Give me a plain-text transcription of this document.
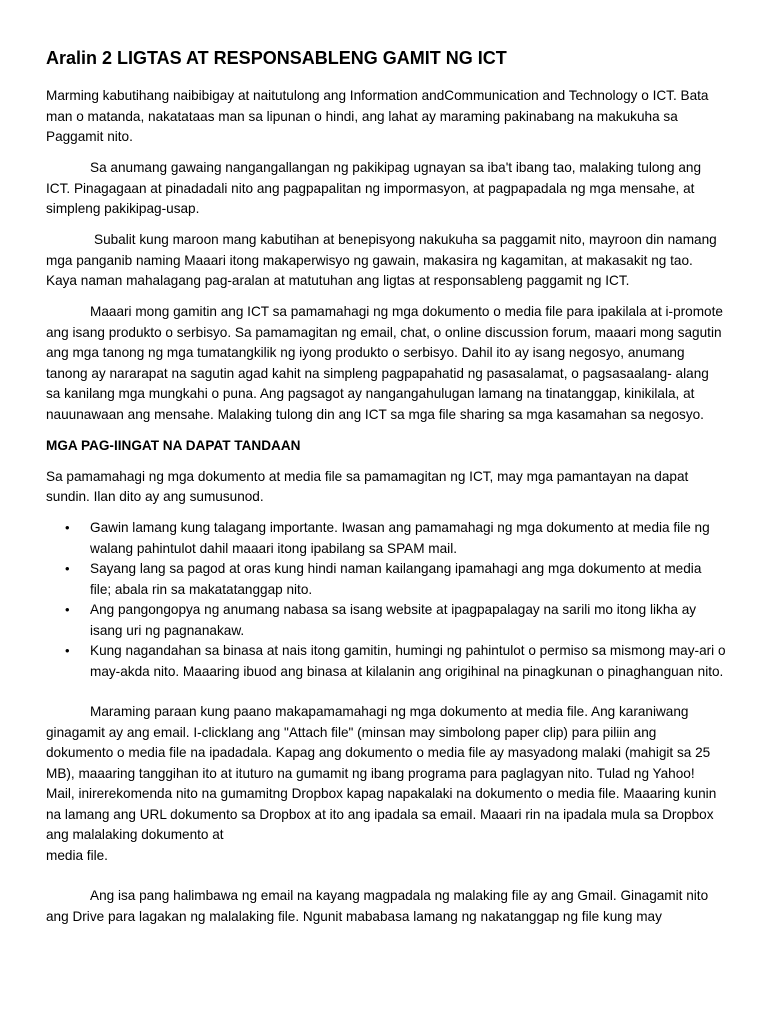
Aralin 2 LIGTAS AT RESPONSABLENG GAMIT NG ICT

Marming kabutihang naibibigay at naitutulong ang Information andCommunication and Technology o ICT. Bata man o matanda, nakatataas man sa lipunan o hindi, ang lahat ay maraming pakinabang na makukuha sa Paggamit nito.

Sa anumang gawaing nangangallangan ng pakikipag ugnayan sa iba't ibang tao, malaking tulong ang ICT. Pinagagaan at pinadadali nito ang pagpapalitan ng impormasyon, at pagpapadala ng mga mensahe, at simpleng pakikipag-usap.

Subalit kung maroon mang kabutihan at benepisyong nakukuha sa paggamit nito, mayroon din namang mga panganib naming Maaari itong makaperwisyo ng gawain, makasira ng kagamitan, at makasakit ng tao. Kaya naman mahalagang pag-aralan at matutuhan ang ligtas at responsableng paggamit ng ICT.

Maaari mong gamitin ang ICT sa pamamahagi ng mga dokumento o media file para ipakilala at i-promote ang isang produkto o serbisyo. Sa pamamagitan ng email, chat, o online discussion forum, maaari mong sagutin ang mga tanong ng mga tumatangkilik ng iyong produkto o serbisyo. Dahil ito ay isang negosyo, anumang tanong ay nararapat na sagutin agad kahit na simpleng pagpapahatid ng pasasalamat, o pagsasaalang- alang sa kanilang mga mungkahi o puna. Ang pagsagot ay nangangahulugan lamang na tinatanggap, kinikilala, at nauunawaan ang mensahe. Malaking tulong din ang ICT sa mga file sharing sa mga kasamahan sa negosyo.

MGA PAG-IINGAT NA DAPAT TANDAAN

Sa pamamahagi ng mga dokumento at media file sa pamamagitan ng ICT, may mga pamantayan na dapat sundin. Ilan dito ay ang sumusunod.

• Gawin lamang kung talagang importante. Iwasan ang pamamahagi ng mga dokumento at media file ng walang pahintulot dahil maaari itong ipabilang sa SPAM mail.
• Sayang lang sa pagod at oras kung hindi naman kailangang ipamahagi ang mga dokumento at media file; abala rin sa makatatanggap nito.
• Ang pangongopya ng anumang nabasa sa isang website at ipagpapalagay na sarili mo itong likha ay isang uri ng pagnanakaw.
• Kung nagandahan sa binasa at nais itong gamitin, humingi ng pahintulot o permiso sa mismong may-ari o may-akda nito. Maaaring ibuod ang binasa at kilalanin ang origihinal na pinagkunan o pinaghanguan nito.

Maraming paraan kung paano makapamamahagi ng mga dokumento at media file. Ang karaniwang ginagamit ay ang email. I-clicklang ang "Attach file" (minsan may simbolong paper clip) para piliin ang dokumento o media file na ipadadala. Kapag ang dokumento o media file ay masyadong malaki (mahigit sa 25 MB), maaaring tanggihan ito at ituturo na gumamit ng ibang programa para paglagyan nito. Tulad ng Yahoo! Mail, inirerekomenda nito na gumamitng Dropbox kapag napakalaki na dokumento o media file. Maaaring kunin na lamang ang URL dokumento sa Dropbox at ito ang ipadala sa email. Maaari rin na ipadala mula sa Dropbox ang malalaking dokumento at
media file.

Ang isa pang halimbawa ng email na kayang magpadala ng malaking file ay ang Gmail. Ginagamit nito ang Drive para lagakan ng malalaking file. Ngunit mababasa lamang ng nakatanggap ng file kung may
